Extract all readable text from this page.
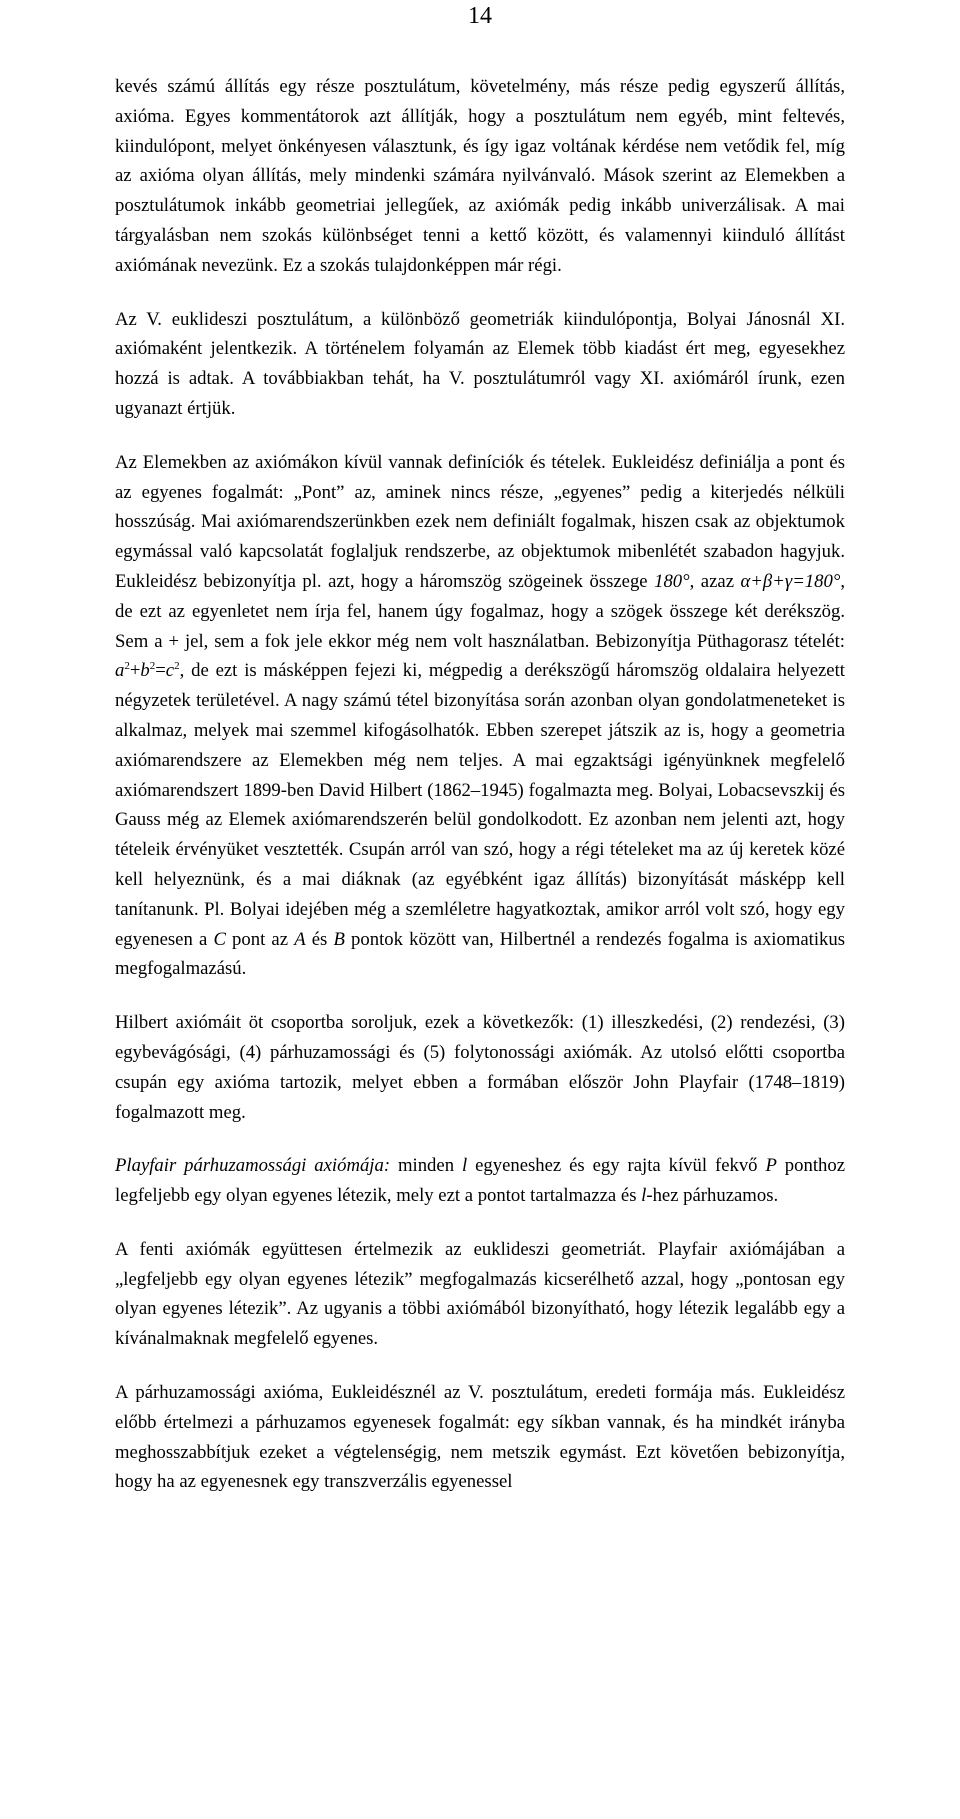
14

kevés számú állítás egy része posztulátum, követelmény, más része pedig egyszerű állítás, axióma. Egyes kommentátorok azt állítják, hogy a posztulátum nem egyéb, mint feltevés, kiindulópont, melyet önkényesen választunk, és így igaz voltának kérdése nem vetődik fel, míg az axióma olyan állítás, mely mindenki számára nyilvánvaló. Mások szerint az Elemekben a posztulátumok inkább geometriai jellegűek, az axiómák pedig inkább univerzálisak. A mai tárgyalásban nem szokás különbséget tenni a kettő között, és valamennyi kiinduló állítást axiómának nevezünk. Ez a szokás tulajdonképpen már régi.

Az V. euklideszi posztulátum, a különböző geometriák kiindulópontja, Bolyai Jánosnál XI. axiómaként jelentkezik. A történelem folyamán az Elemek több kiadást ért meg, egyesekhez hozzá is adtak. A továbbiakban tehát, ha V. posztulátumról vagy XI. axiómáról írunk, ezen ugyanazt értjük.

Az Elemekben az axiómákon kívül vannak definíciók és tételek. Eukleidész definiálja a pont és az egyenes fogalmát: „Pont” az, aminek nincs része, „egyenes” pedig a kiterjedés nélküli hosszúság. Mai axiómarendszerünkben ezek nem definiált fogalmak, hiszen csak az objektumok egymással való kapcsolatát foglaljuk rendszerbe, az objektumok mibenlétét szabadon hagyjuk. Eukleidész bebizonyítja pl. azt, hogy a háromszög szögeinek összege 180°, azaz α+β+γ=180°, de ezt az egyenletet nem írja fel, hanem úgy fogalmaz, hogy a szögek összege két derékszög. Sem a + jel, sem a fok jele ekkor még nem volt használatban. Bebizonyítja Püthagorasz tételét: $a^2+b^2=c^2$, de ezt is másképpen fejezi ki, mégpedig a derékszögű háromszög oldalaira helyezett négyzetek területével. A nagy számú tétel bizonyítása során azonban olyan gondolatmeneteket is alkalmaz, melyek mai szemmel kifogásolhatók. Ebben szerepet játszik az is, hogy a geometria axiómarendszere az Elemekben még nem teljes. A mai egzaktsági igényünknek megfelelő axiómarendszert 1899-ben David Hilbert (1862–1945) fogalmazta meg. Bolyai, Lobacsevszkij és Gauss még az Elemek axiómarendszerén belül gondolkodott. Ez azonban nem jelenti azt, hogy tételeik érvényüket vesztették. Csupán arról van szó, hogy a régi tételeket ma az új keretek közé kell helyeznünk, és a mai diáknak (az egyébként igaz állítás) bizonyítását másképp kell tanítanunk. Pl. Bolyai idejében még a szemléletre hagyatkoztak, amikor arról volt szó, hogy egy egyenesen a C pont az A és B pontok között van, Hilbertnél a rendezés fogalma is axiomatikus megfogalmazású.

Hilbert axiómáit öt csoportba soroljuk, ezek a következők: (1) illeszkedési, (2) rendezési, (3) egybevágósági, (4) párhuzamossági és (5) folytonossági axiómák. Az utolsó előtti csoportba csupán egy axióma tartozik, melyet ebben a formában először John Playfair (1748–1819) fogalmazott meg.

Playfair párhuzamossági axiómája: minden l egyeneshez és egy rajta kívül fekvő P ponthoz legfeljebb egy olyan egyenes létezik, mely ezt a pontot tartalmazza és l-hez párhuzamos.

A fenti axiómák együttesen értelmezik az euklideszi geometriát. Playfair axiómájában a „legfeljebb egy olyan egyenes létezik” megfogalmazás kicserélhető azzal, hogy „pontosan egy olyan egyenes létezik”. Az ugyanis a többi axiómából bizonyítható, hogy létezik legalább egy a kívánalmaknak megfelelő egyenes.

A párhuzamossági axióma, Eukleidésznél az V. posztulátum, eredeti formája más. Eukleidész előbb értelmezi a párhuzamos egyenesek fogalmát: egy síkban vannak, és ha mindkét irányba meghosszabbítjuk ezeket a végtelenségig, nem metszik egymást. Ezt követően bebizonyítja, hogy ha az egyenesnek egy transzverzális egyenessel
